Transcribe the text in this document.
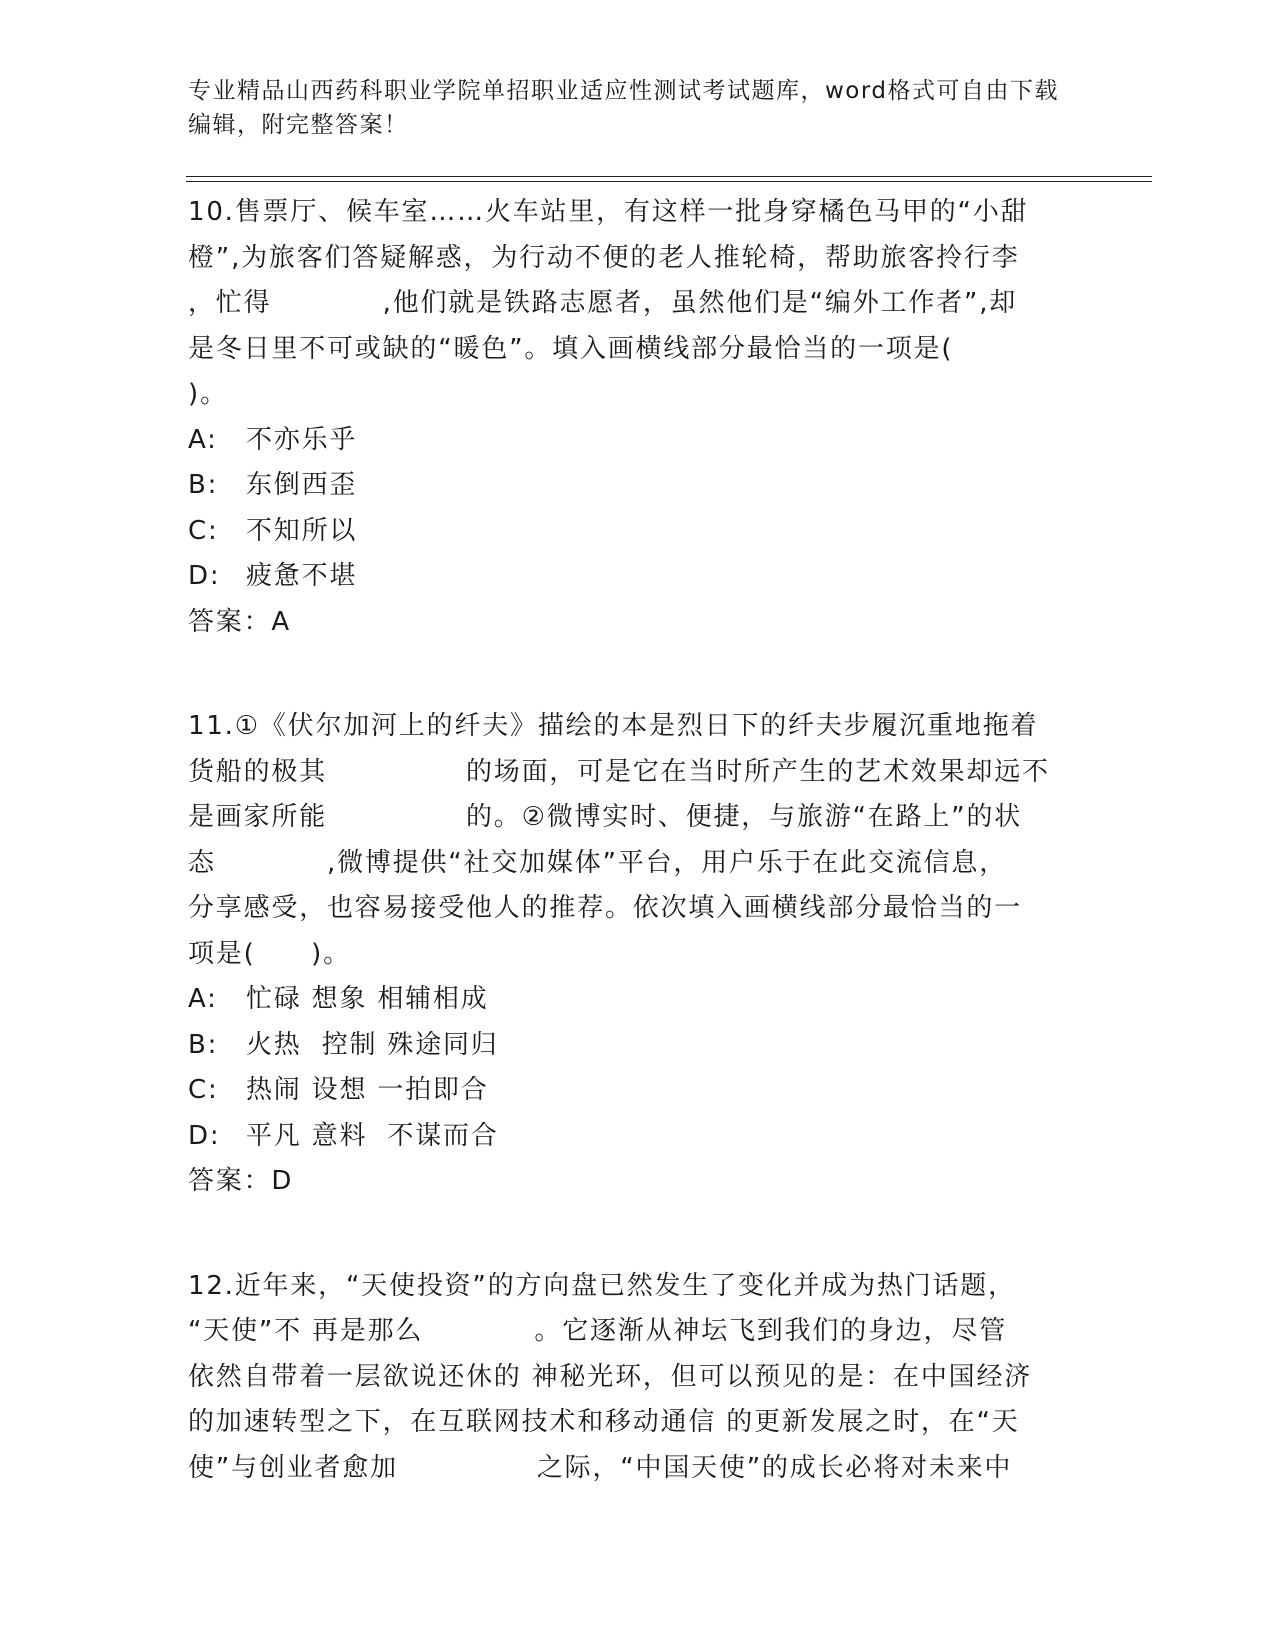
专业精品山西药科职业学院单招职业适应性测试考试题库，word格式可自由下载
编辑，附完整答案！

10.售票厅、候车室……火车站里，有这样一批身穿橘色马甲的“小甜

橙”,为旅客们答疑解惑，为行动不便的老人推轮椅，帮助旅客拎行李

，忙得　　　　,他们就是铁路志愿者，虽然他们是“编外工作者”,却

是冬日里不可或缺的“暖色”。填入画横线部分最恰当的一项是(

)。

A: 不亦乐乎

B: 东倒西歪

C: 不知所以

D: 疲惫不堪

答案：A

11.①《伏尔加河上的纤夫》描绘的本是烈日下的纤夫步履沉重地拖着

货船的极其　　　　　的场面，可是它在当时所产生的艺术效果却远不

是画家所能　　　　　的。②微博实时、便捷，与旅游“在路上”的状

态　　　　,微博提供“社交加媒体”平台，用户乐于在此交流信息，

分享感受，也容易接受他人的推荐。依次填入画横线部分最恰当的一

项是(　　)。

A: 忙碌 想象 相辅相成

B: 火热  控制 殊途同归

C: 热闹 设想 一拍即合

D: 平凡 意料  不谋而合

答案：D

12.近年来，“天使投资”的方向盘已然发生了变化并成为热门话题，

“天使”不 再是那么　　　　。它逐渐从神坛飞到我们的身边，尽管

依然自带着一层欲说还休的 神秘光环，但可以预见的是：在中国经济

的加速转型之下，在互联网技术和移动通信 的更新发展之时，在“天

使”与创业者愈加　　　　　之际，“中国天使”的成长必将对未来中
